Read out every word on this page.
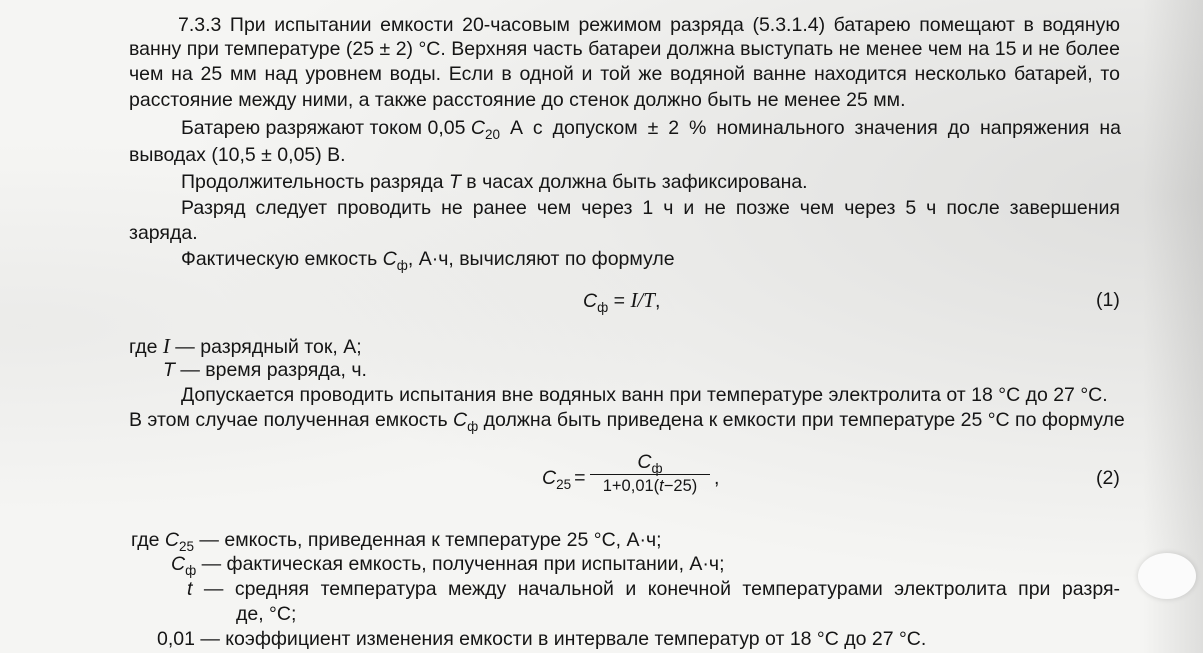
7.3.3 При испытании емкости 20-часовым режимом разряда (5.3.1.4) батарею помещают в водяную
ванну при температуре (25 ± 2) °С. Верхняя часть батареи должна выступать не менее чем на 15 и не более
чем на 25 мм над уровнем воды. Если в одной и той же водяной ванне находится несколько батарей, то
расстояние между ними, а также расстояние до стенок должно быть не менее 25 мм.
Батарею разряжают током 0,05 $C_{20}$ А с допуском ± 2 % номинального значения до напряжения на
выводах (10,5 ± 0,05) В.
Продолжительность разряда T в часах должна быть зафиксирована.
Разряд следует проводить не ранее чем через 1 ч и не позже чем через 5 ч после завершения
заряда.
Фактическую емкость $C_ф$, А·ч, вычисляют по формуле
$C_ф = I/T$,	(1)
где I — разрядный ток, А;
T — время разряда, ч.
Допускается проводить испытания вне водяных ванн при температуре электролита от 18 °С до 27 °С.
В этом случае полученная емкость $C_ф$ должна быть приведена к емкости при температуре 25 °С по формуле
$C_{25}$ =
$C_ф$
1+0,01(t−25) ,	(2)
где $C_{25}$ — емкость, приведенная к температуре 25 °С, А·ч;
$C_ф$ — фактическая емкость, полученная при испытании, А·ч;
t — средняя температура между начальной и конечной температурами электролита при разря-
де, °С;
0,01 — коэффициент изменения емкости в интервале температур от 18 °С до 27 °С.
